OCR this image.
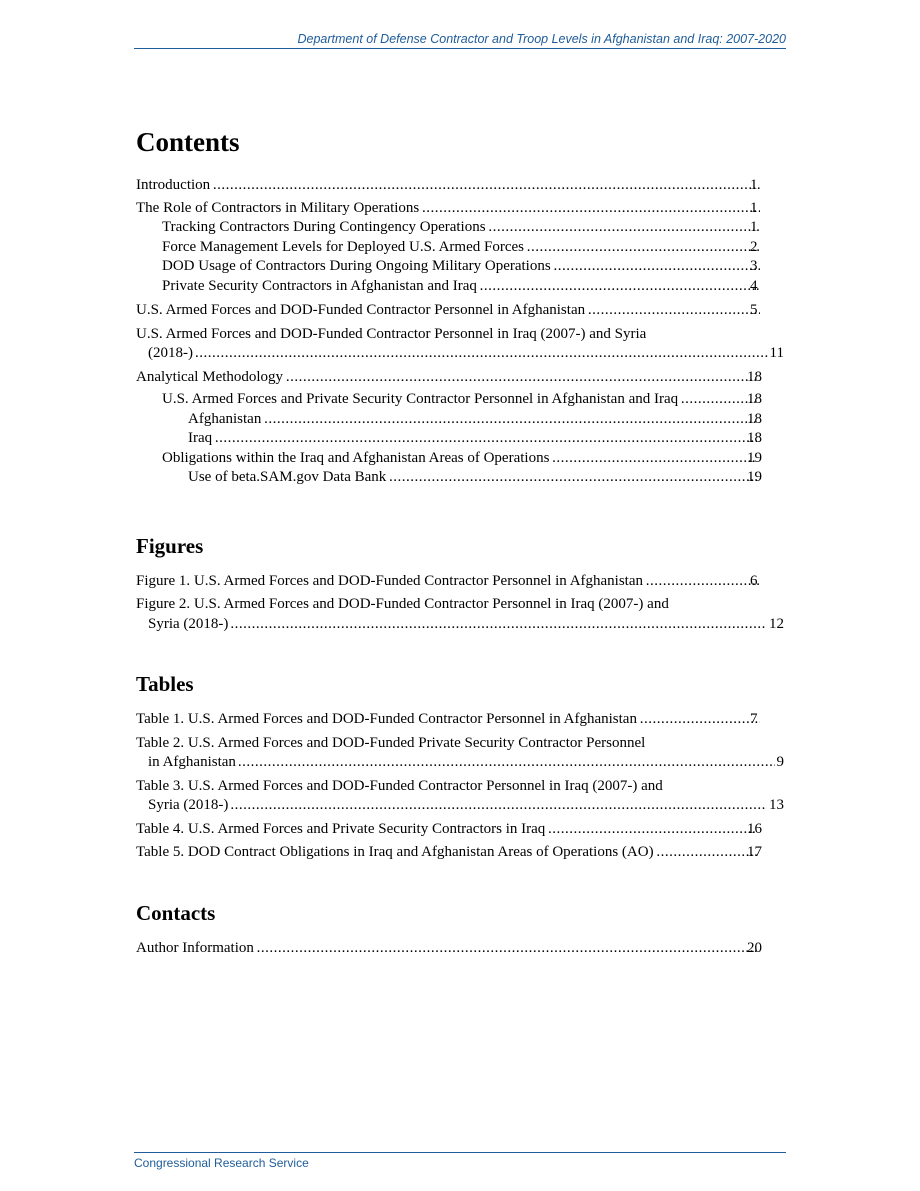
Department of Defense Contractor and Troop Levels in Afghanistan and Iraq: 2007-2020
Contents
Introduction .....	1
The Role of Contractors in Military Operations .....	1
Tracking Contractors During Contingency Operations .....	1
Force Management Levels for Deployed U.S. Armed Forces .....	2
DOD Usage of Contractors During Ongoing Military Operations .....	3
Private Security Contractors in Afghanistan and Iraq .....	4
U.S. Armed Forces and DOD-Funded Contractor Personnel in Afghanistan .....	5
U.S. Armed Forces and DOD-Funded Contractor Personnel in Iraq (2007-) and Syria
(2018-) .....	11
Analytical Methodology .....	18
U.S. Armed Forces and Private Security Contractor Personnel in Afghanistan and Iraq .....	18
Afghanistan .....	18
Iraq .....	18
Obligations within the Iraq and Afghanistan Areas of Operations .....	19
Use of beta.SAM.gov Data Bank .....	19
Figures
Figure 1. U.S. Armed Forces and DOD-Funded Contractor Personnel in Afghanistan .....	6
Figure 2. U.S. Armed Forces and DOD-Funded Contractor Personnel in Iraq (2007-) and
Syria (2018-) .....	12
Tables
Table 1. U.S. Armed Forces and DOD-Funded Contractor Personnel in Afghanistan .....	7
Table 2. U.S. Armed Forces and DOD-Funded Private Security Contractor Personnel
in Afghanistan .....	9
Table 3. U.S. Armed Forces and DOD-Funded Contractor Personnel in Iraq (2007-) and
Syria (2018-) .....	13
Table 4. U.S. Armed Forces and Private Security Contractors in Iraq .....	16
Table 5. DOD Contract Obligations in Iraq and Afghanistan Areas of Operations (AO) .....	17
Contacts
Author Information .....	20
Congressional Research Service
